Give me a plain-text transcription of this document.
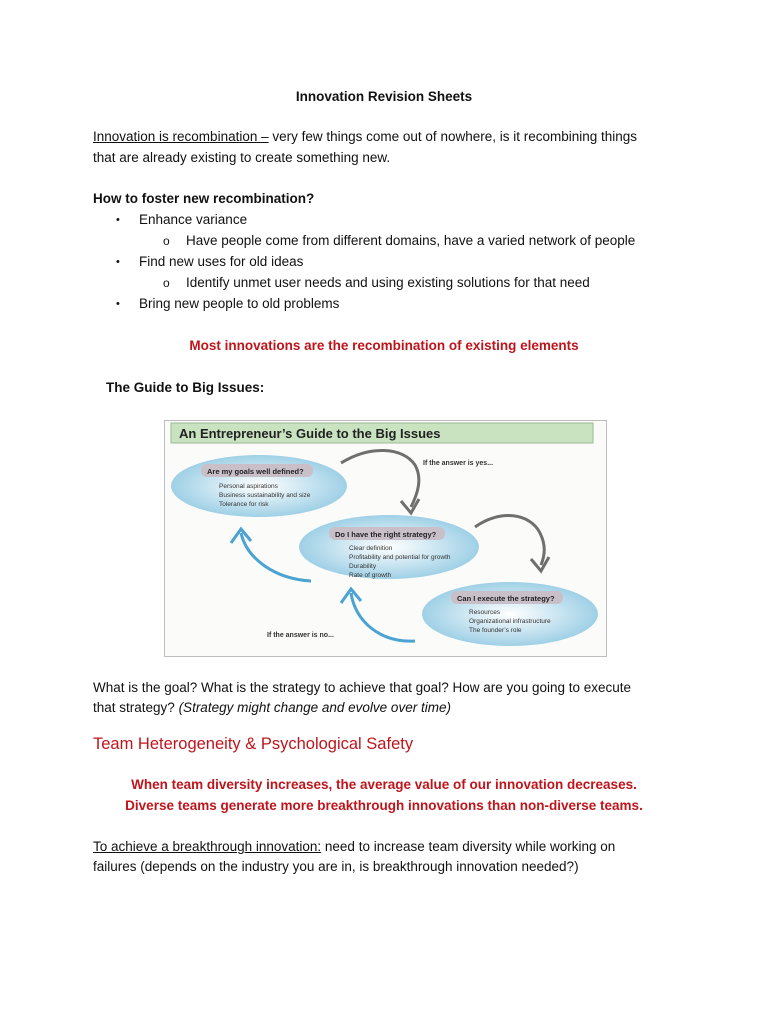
Innovation Revision Sheets
Innovation is recombination – very few things come out of nowhere, is it recombining things
that are already existing to create something new.
How to foster new recombination?
• Enhance variance
o Have people come from different domains, have a varied network of people
• Find new uses for old ideas
o Identify unmet user needs and using existing solutions for that need
• Bring new people to old problems
Most innovations are the recombination of existing elements
The Guide to Big Issues:
An Entrepreneur’s Guide to the Big Issues
Are my goals well defined?
Personal aspirations
Business sustainability and size
Tolerance for risk
Do I have the right strategy?
Clear definition
Profitability and potential for growth
Durability
Rate of growth
Can I execute the strategy?
Resources
Organizational infrastructure
The founder’s role
If the answer is yes...
If the answer is no...
What is the goal? What is the strategy to achieve that goal? How are you going to execute
that strategy? (Strategy might change and evolve over time)
Team Heterogeneity & Psychological Safety
When team diversity increases, the average value of our innovation decreases.
Diverse teams generate more breakthrough innovations than non-diverse teams.
To achieve a breakthrough innovation: need to increase team diversity while working on
failures (depends on the industry you are in, is breakthrough innovation needed?)
